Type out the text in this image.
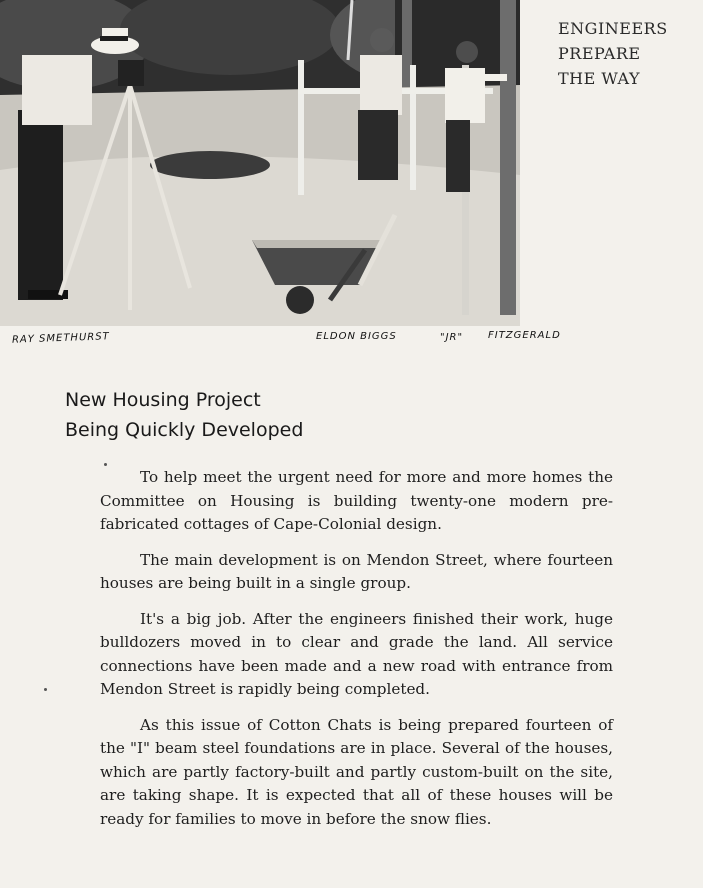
ENGINEERS
PREPARE
THE WAY
RAY SMETHURST	ELDON BIGGS	"JR" FITZGERALD
New Housing Project
Being Quickly Developed

To help meet the urgent need for more and more homes the Committee on Housing is building twenty-one modern pre-fabricated cottages of Cape-Colonial design.

The main development is on Mendon Street, where fourteen houses are being built in a single group.

It's a big job. After the engineers finished their work, huge bulldozers moved in to clear and grade the land. All service connections have been made and a new road with entrance from Mendon Street is rapidly being completed.

As this issue of Cotton Chats is being prepared fourteen of the "I" beam steel foundations are in place. Several of the houses, which are partly factory-built and partly custom-built on the site, are taking shape. It is expected that all of these houses will be ready for families to move in before the snow flies.
